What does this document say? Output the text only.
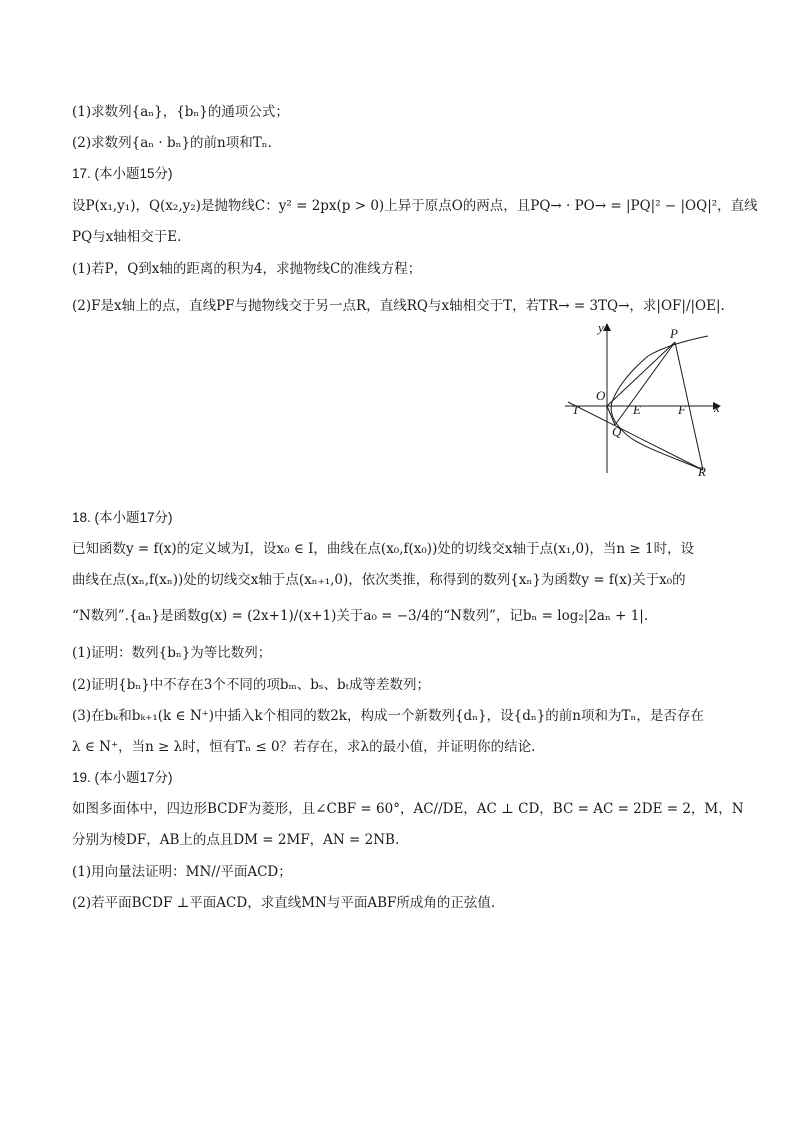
(1)求数列{aₙ}，{bₙ}的通项公式；
(2)求数列{aₙ · bₙ}的前n项和Tₙ.
17. (本小题15分)
设P(x₁,y₁)，Q(x₂,y₂)是抛物线C：y² = 2px(p > 0)上异于原点O的两点，且PQ→ · PO→ = |PQ|² − |OQ|²，直线
PQ与x轴相交于E.
(1)若P，Q到x轴的距离的积为4，求抛物线C的准线方程；
(2)F是x轴上的点，直线PF与抛物线交于另一点R，直线RQ与x轴相交于T，若TR→ = 3TQ→，求|OF|/|OE|.
y
x
O
P
Q
E	F
T
R
18. (本小题17分)
已知函数y = f(x)的定义域为I，设x₀ ∈ I，曲线在点(x₀,f(x₀))处的切线交x轴于点(x₁,0)，当n ≥ 1时，设
曲线在点(xₙ,f(xₙ))处的切线交x轴于点(xₙ₊₁,0)，依次类推，称得到的数列{xₙ}为函数y = f(x)关于x₀的
“N数列”.{aₙ}是函数g(x) = (2x+1)/(x+1)关于a₀ = −3/4的“N数列”，记bₙ = log₂|2aₙ + 1|.
(1)证明：数列{bₙ}为等比数列；
(2)证明{bₙ}中不存在3个不同的项bₘ、bₛ、bₜ成等差数列；
(3)在bₖ和bₖ₊₁(k ∈ N⁺)中插入k个相同的数2k，构成一个新数列{dₙ}，设{dₙ}的前n项和为Tₙ，是否存在
λ ∈ N⁺，当n ≥ λ时，恒有Tₙ ≤ 0？若存在，求λ的最小值，并证明你的结论.
19. (本小题17分)
如图多面体中，四边形BCDF为菱形，且∠CBF = 60°，AC//DE，AC ⊥ CD，BC = AC = 2DE = 2，M，N
分别为棱DF，AB上的点且DM = 2MF，AN = 2NB.
(1)用向量法证明：MN//平面ACD；
(2)若平面BCDF ⊥平面ACD，求直线MN与平面ABF所成角的正弦值.
